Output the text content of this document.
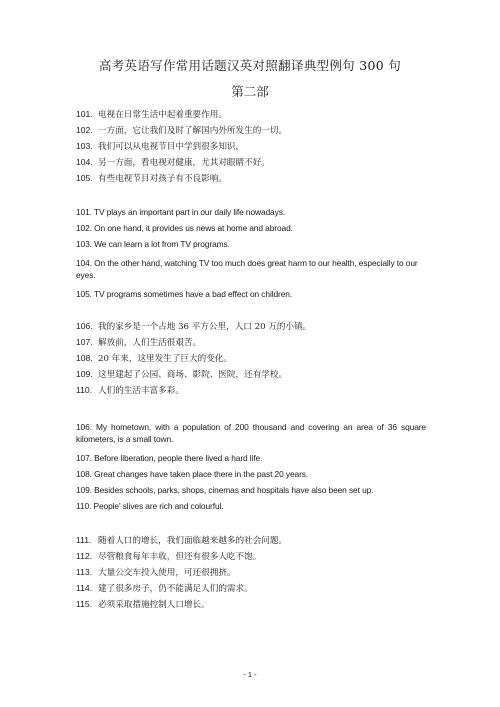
高考英语写作常用话题汉英对照翻译典型例句 300 句
第二部
101. 电视在日常生活中起着重要作用。
102. 一方面，它让我们及时了解国内外所发生的一切。
103. 我们可以从电视节目中学到很多知识，
104. 另一方面，看电视对健康，尤其对眼睛不好。
105. 有些电视节目对孩子有不良影响。
101. TV plays an important part in our daily life nowadays.
102. On one hand, it provides us news at home and abroad.
103. We can learn a lot from TV programs.
104. On the other hand, watching TV too much does great harm to our health, especially to our eyes.
105. TV programs sometimes have a bad effect on children.
106. 我的家乡是一个占地 36 平方公里，人口 20 万的小镇。
107. 解放前，人们生活很艰苦。
108. 20 年来，这里发生了巨大的变化。
109. 这里建起了公园、商场、影院、医院，还有学校。
110. 人们的生活丰富多彩。
106. My hometown, with a population of 200 thousand and covering an area of 36 square kilometers, is a small town.
107. Before liberation, people there lived a hard life.
108. Great changes have taken place there in the past 20 years.
109. Besides schools, parks, shops, cinemas and hospitals have also been set up.
110. People' slives are rich and colourful.
111. 随着人口的增长，我们面临越来越多的社会问题。
112. 尽管粮食每年丰收，但还有很多人吃不饱。
113. 大量公交车投入使用，可还很拥挤。
114. 建了很多房子，仍不能满足人们的需求。
115. 必须采取措施控制人口增长。
- 1 -
